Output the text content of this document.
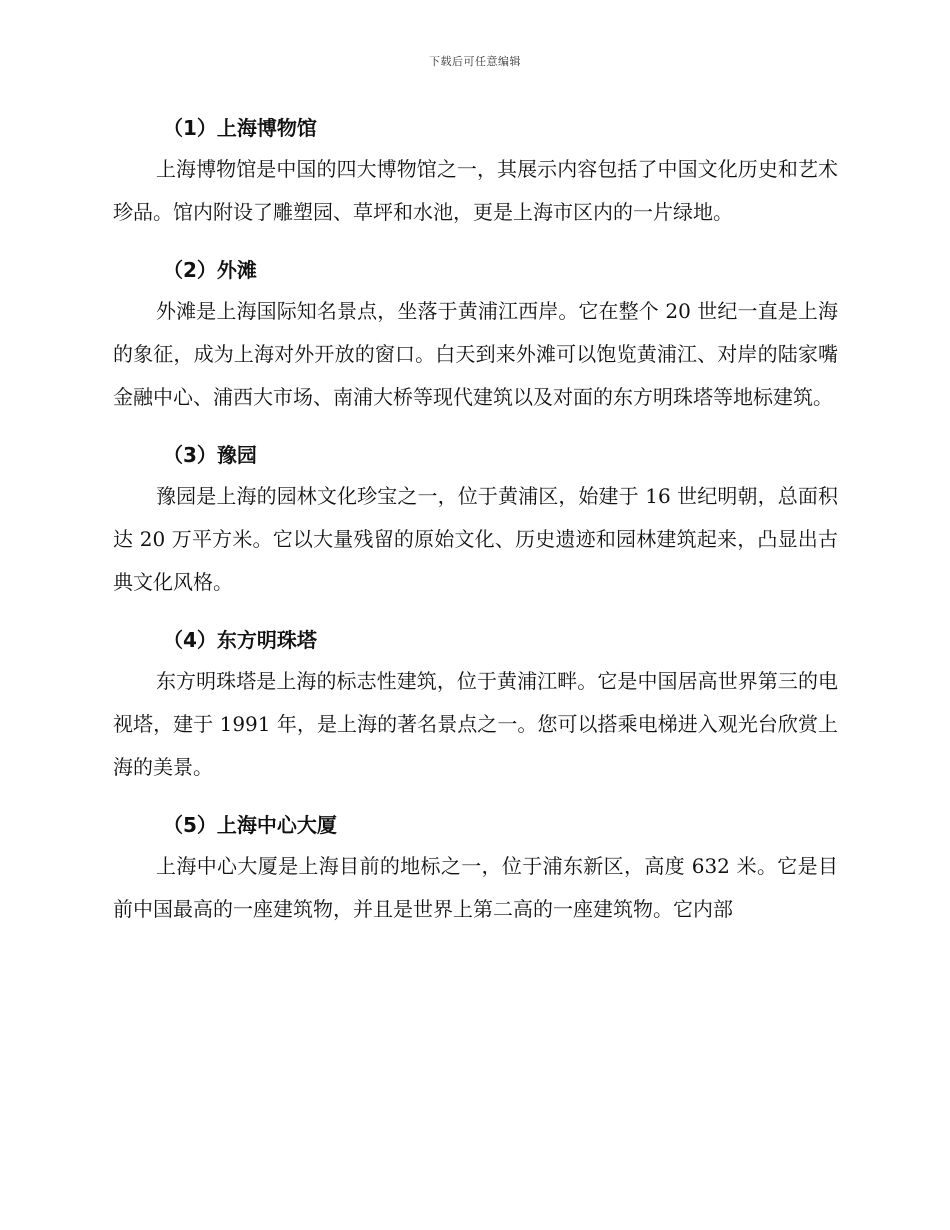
下载后可任意编辑
（1）上海博物馆

上海博物馆是中国的四大博物馆之一，其展示内容包括了中国文化历史和艺术珍品。馆内附设了雕塑园、草坪和水池，更是上海市区内的一片绿地。

（2）外滩

外滩是上海国际知名景点，坐落于黄浦江西岸。它在整个 20 世纪一直是上海的象征，成为上海对外开放的窗口。白天到来外滩可以饱览黄浦江、对岸的陆家嘴金融中心、浦西大市场、南浦大桥等现代建筑以及对面的东方明珠塔等地标建筑。

（3）豫园

豫园是上海的园林文化珍宝之一，位于黄浦区，始建于 16 世纪明朝，总面积达 20 万平方米。它以大量残留的原始文化、历史遗迹和园林建筑起来，凸显出古典文化风格。

（4）东方明珠塔

东方明珠塔是上海的标志性建筑，位于黄浦江畔。它是中国居高世界第三的电视塔，建于 1991 年，是上海的著名景点之一。您可以搭乘电梯进入观光台欣赏上海的美景。

（5）上海中心大厦

上海中心大厦是上海目前的地标之一，位于浦东新区，高度 632 米。它是目前中国最高的一座建筑物，并且是世界上第二高的一座建筑物。它内部
